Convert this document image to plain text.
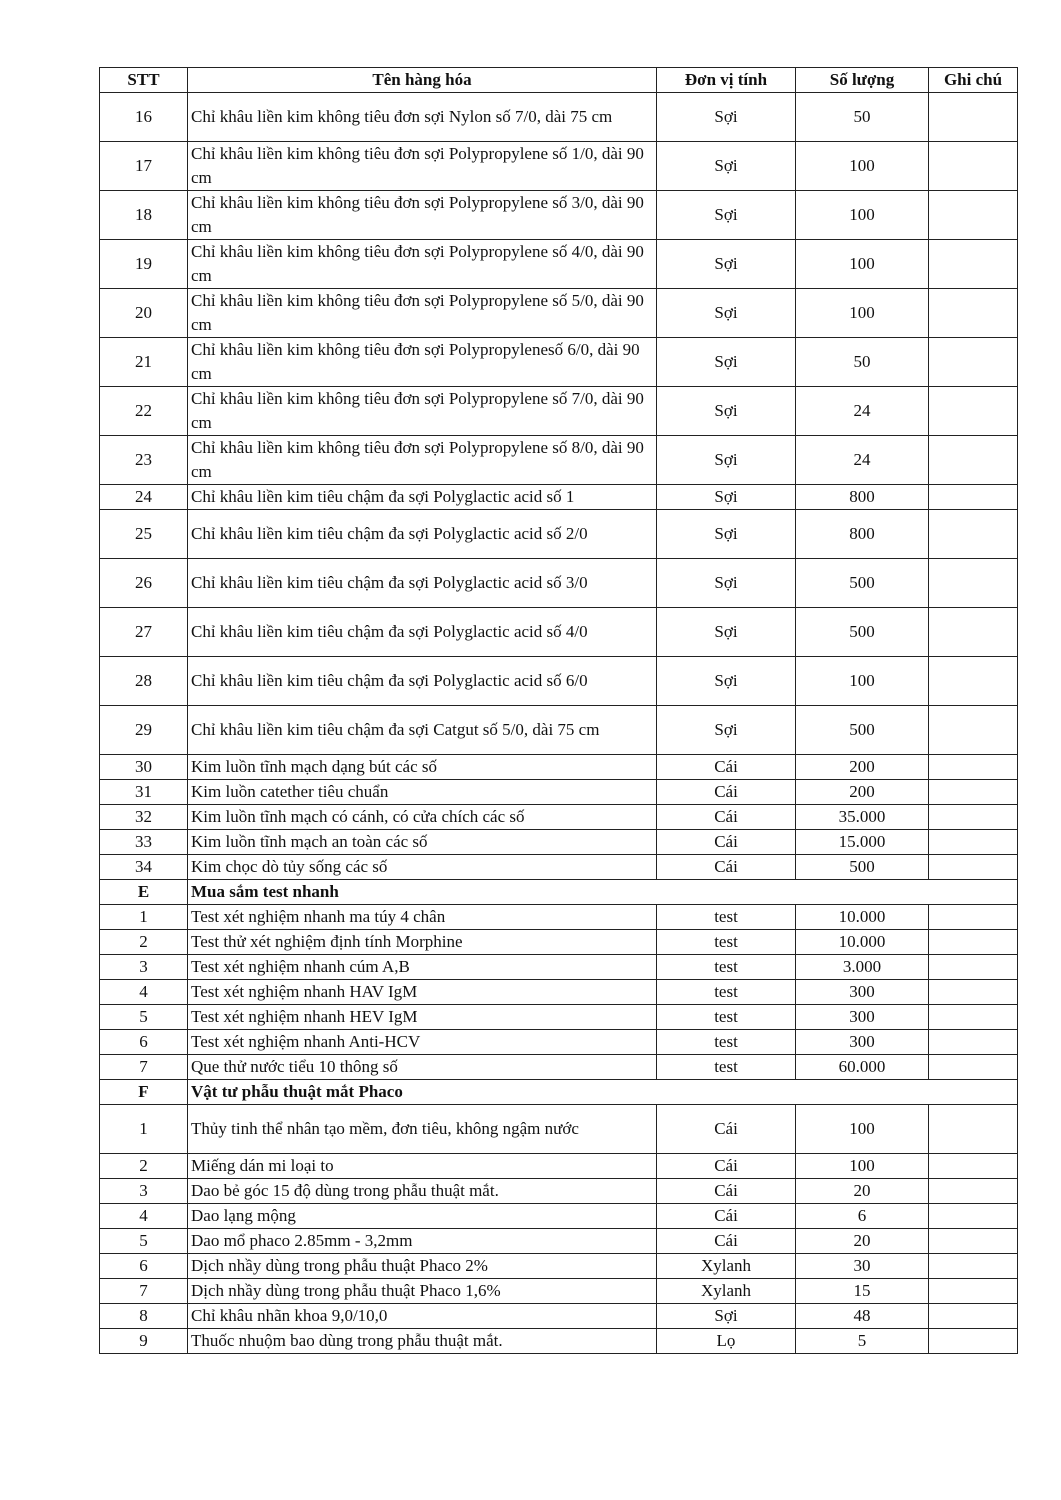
STT	Tên hàng hóa	Đơn vị tính	Số lượng	Ghi chú
16	Chỉ khâu liền kim không tiêu đơn sợi Nylon số 7/0, dài 75 cm	Sợi	50	
17	Chỉ khâu liền kim không tiêu đơn sợi Polypropylene số 1/0, dài 90 cm	Sợi	100	
18	Chỉ khâu liền kim không tiêu đơn sợi Polypropylene số 3/0, dài 90 cm	Sợi	100	
19	Chỉ khâu liền kim không tiêu đơn sợi Polypropylene số 4/0, dài 90 cm	Sợi	100	
20	Chỉ khâu liền kim không tiêu đơn sợi Polypropylene số 5/0, dài 90 cm	Sợi	100	
21	Chỉ khâu liền kim không tiêu đơn sợi Polypropylenesố 6/0, dài 90 cm	Sợi	50	
22	Chỉ khâu liền kim không tiêu đơn sợi Polypropylene số 7/0, dài 90 cm	Sợi	24	
23	Chỉ khâu liền kim không tiêu đơn sợi Polypropylene số 8/0, dài 90 cm	Sợi	24	
24	Chỉ khâu liền kim tiêu chậm đa sợi Polyglactic acid số 1	Sợi	800	
25	Chỉ khâu liền kim tiêu chậm đa sợi Polyglactic acid số 2/0	Sợi	800	
26	Chỉ khâu liền kim tiêu chậm đa sợi Polyglactic acid số 3/0	Sợi	500	
27	Chỉ khâu liền kim tiêu chậm đa sợi Polyglactic acid số 4/0	Sợi	500	
28	Chỉ khâu liền kim tiêu chậm đa sợi Polyglactic acid số 6/0	Sợi	100	
29	Chỉ khâu liền kim tiêu chậm đa sợi Catgut số 5/0, dài 75 cm	Sợi	500	
30	Kim luồn tĩnh mạch dạng bút các số	Cái	200	
31	Kim luồn catether tiêu chuẩn	Cái	200	
32	Kim luồn tĩnh mạch có cánh, có cửa chích các số	Cái	35.000	
33	Kim luồn tĩnh mạch an toàn các số	Cái	15.000	
34	Kim chọc dò tủy sống các số	Cái	500	
E	Mua sắm test nhanh			
1	Test xét nghiệm nhanh ma túy 4 chân	test	10.000	
2	Test thử xét nghiệm định tính Morphine	test	10.000	
3	Test xét nghiệm nhanh cúm A,B	test	3.000	
4	Test xét nghiệm nhanh HAV IgM	test	300	
5	Test xét nghiệm nhanh HEV IgM	test	300	
6	Test xét nghiệm nhanh Anti-HCV	test	300	
7	Que thử nước tiểu 10 thông số	test	60.000	
F	Vật tư phẫu thuật mắt Phaco			
1	Thủy tinh thể nhân tạo mềm, đơn tiêu, không ngậm nước	Cái	100	
2	Miếng dán mi loại to	Cái	100	
3	Dao bẻ góc 15 độ dùng trong phẫu thuật mắt.	Cái	20	
4	Dao lạng mộng	Cái	6	
5	Dao mổ phaco 2.85mm - 3,2mm	Cái	20	
6	Dịch nhầy dùng trong phẫu thuật Phaco 2%	Xylanh	30	
7	Dịch nhầy dùng trong phẫu thuật Phaco 1,6%	Xylanh	15	
8	Chỉ khâu nhãn khoa 9,0/10,0	Sợi	48	
9	Thuốc nhuộm bao dùng trong phẫu thuật mắt.	Lọ	5	
